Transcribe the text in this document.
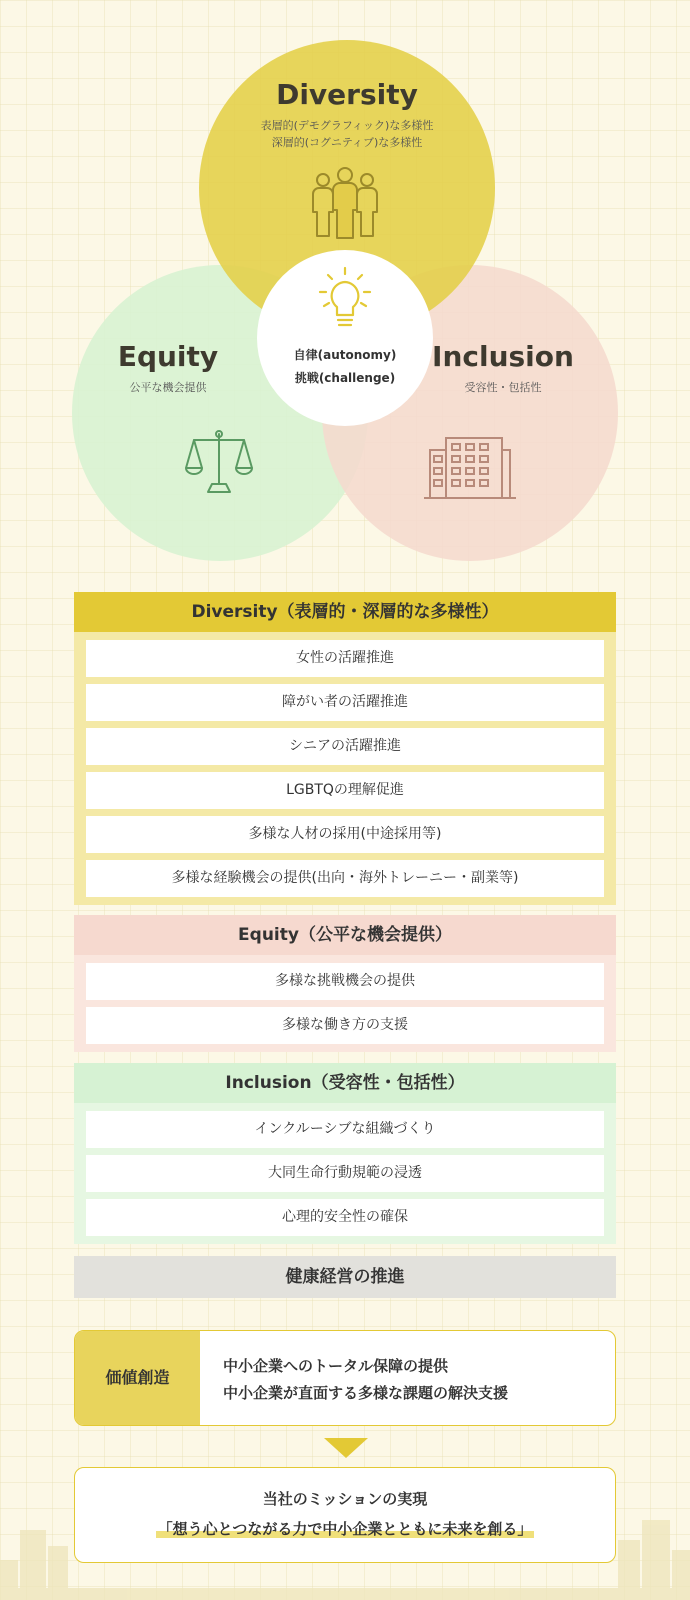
Diversity
表層的(デモグラフィック)な多様性
深層的(コグニティブ)な多様性
Equity
公平な機会提供
Inclusion
受容性・包括性
自律(autonomy)
挑戦(challenge)
Diversity（表層的・深層的な多様性）
女性の活躍推進
障がい者の活躍推進
シニアの活躍推進
LGBTQの理解促進
多様な人材の採用(中途採用等)
多様な経験機会の提供(出向・海外トレーニー・副業等)
Equity（公平な機会提供）
多様な挑戦機会の提供
多様な働き方の支援
Inclusion（受容性・包括性）
インクルーシブな組織づくり
大同生命行動規範の浸透
心理的安全性の確保
健康経営の推進
価値創造
中小企業へのトータル保障の提供
中小企業が直面する多様な課題の解決支援
当社のミッションの実現
「想う心とつながる力で中小企業とともに未来を創る」
